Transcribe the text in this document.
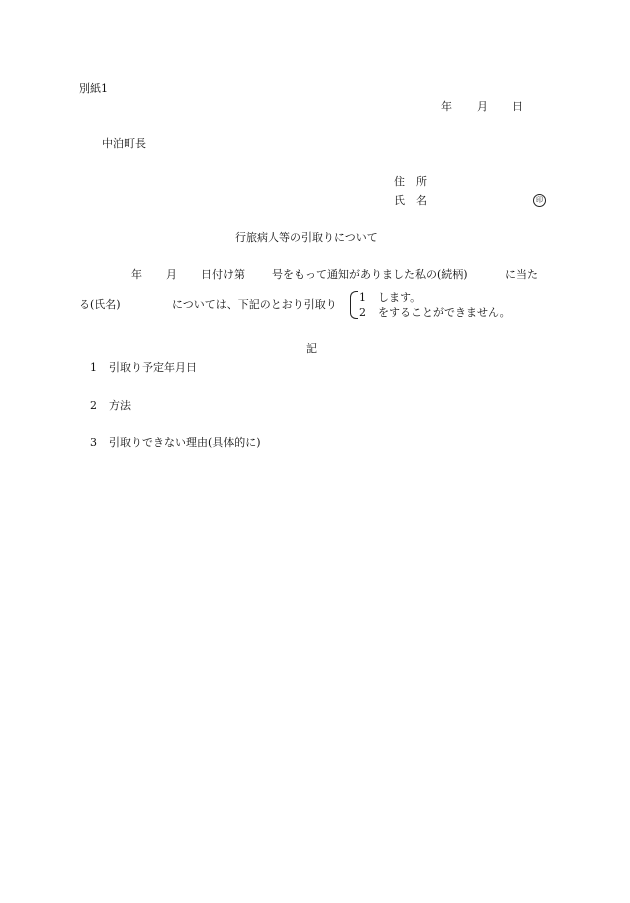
別紙1
年 月 日
中泊町長
住　所
氏　名	印
行旅病人等の引取りについて
年 月 日付け第 号をもって通知がありました私の(続柄)	に当た
る(氏名)	については、下記のとおり引取り
1 します。
2 をすることができません。
記
1 引取り予定年月日
2 方法
3 引取りできない理由(具体的に)
